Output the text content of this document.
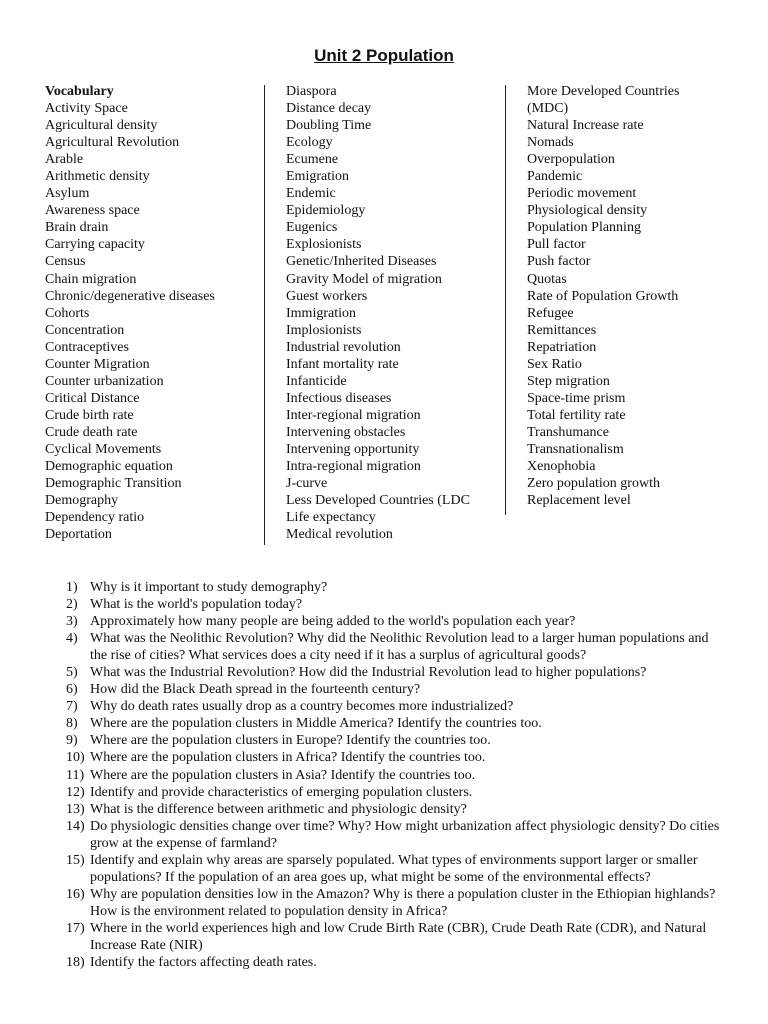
Unit 2 Population
Vocabulary
Activity Space
Agricultural density
Agricultural Revolution
Arable
Arithmetic density
Asylum
Awareness space
Brain drain
Carrying capacity
Census
Chain migration
Chronic/degenerative diseases
Cohorts
Concentration
Contraceptives
Counter Migration
Counter urbanization
Critical Distance
Crude birth rate
Crude death rate
Cyclical Movements
Demographic equation
Demographic Transition
Demography
Dependency ratio
Deportation
Diaspora
Distance decay
Doubling Time
Ecology
Ecumene
Emigration
Endemic
Epidemiology
Eugenics
Explosionists
Genetic/Inherited Diseases
Gravity Model of migration
Guest workers
Immigration
Implosionists
Industrial revolution
Infant mortality rate
Infanticide
Infectious diseases
Inter-regional migration
Intervening obstacles
Intervening opportunity
Intra-regional migration
J-curve
Less Developed Countries (LDC
Life expectancy
Medical revolution
More Developed Countries
(MDC)
Natural Increase rate
Nomads
Overpopulation
Pandemic
Periodic movement
Physiological density
Population Planning
Pull factor
Push factor
Quotas
Rate of Population Growth
Refugee
Remittances
Repatriation
Sex Ratio
Step migration
Space-time prism
Total fertility rate
Transhumance
Transnationalism
Xenophobia
Zero population growth
Replacement level
1) Why is it important to study demography?
2) What is the world's population today?
3) Approximately how many people are being added to the world's population each year?
4) What was the Neolithic Revolution? Why did the Neolithic Revolution lead to a larger human populations and the rise of cities? What services does a city need if it has a surplus of agricultural goods?
5) What was the Industrial Revolution? How did the Industrial Revolution lead to higher populations?
6) How did the Black Death spread in the fourteenth century?
7) Why do death rates usually drop as a country becomes more industrialized?
8) Where are the population clusters in Middle America? Identify the countries too.
9) Where are the population clusters in Europe? Identify the countries too.
10) Where are the population clusters in Africa? Identify the countries too.
11) Where are the population clusters in Asia? Identify the countries too.
12) Identify and provide characteristics of emerging population clusters.
13) What is the difference between arithmetic and physiologic density?
14) Do physiologic densities change over time? Why? How might urbanization affect physiologic density? Do cities grow at the expense of farmland?
15) Identify and explain why areas are sparsely populated. What types of environments support larger or smaller populations? If the population of an area goes up, what might be some of the environmental effects?
16) Why are population densities low in the Amazon? Why is there a population cluster in the Ethiopian highlands? How is the environment related to population density in Africa?
17) Where in the world experiences high and low Crude Birth Rate (CBR), Crude Death Rate (CDR), and Natural Increase Rate (NIR)
18) Identify the factors affecting death rates.
